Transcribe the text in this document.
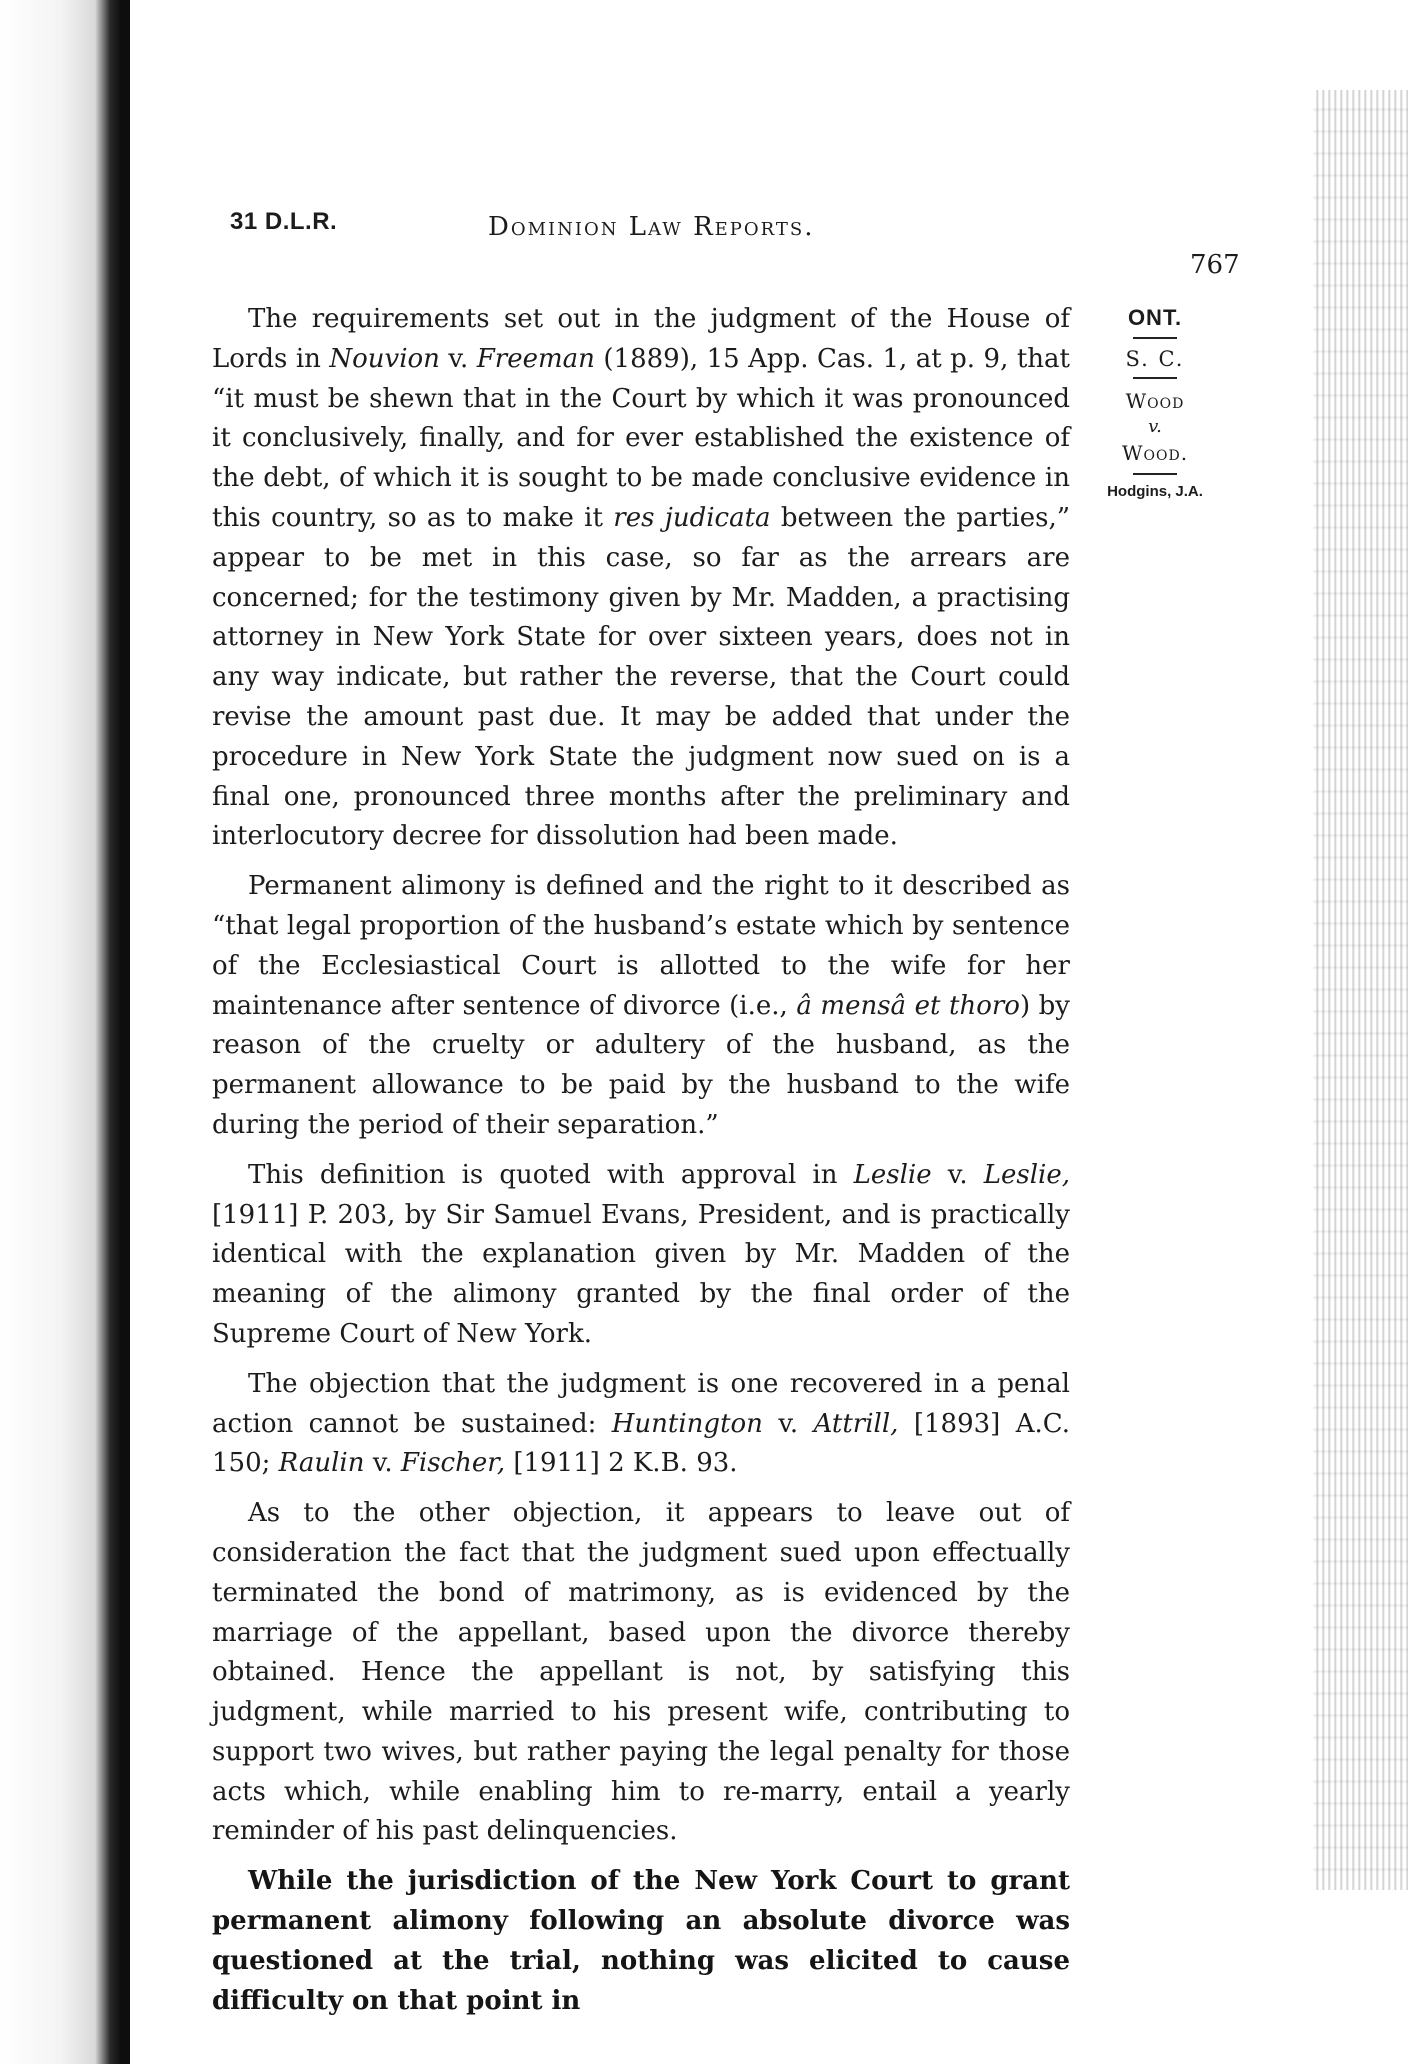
31 D.L.R.	Dominion Law Reports.
767

The requirements set out in the judgment of the House of Lords in Nouvion v. Freeman (1889), 15 App. Cas. 1, at p. 9, that “it must be shewn that in the Court by which it was pronounced it conclusively, finally, and for ever established the existence of the debt, of which it is sought to be made conclusive evidence in this country, so as to make it res judicata between the parties,” appear to be met in this case, so far as the arrears are concerned; for the testimony given by Mr. Madden, a practising attorney in New York State for over sixteen years, does not in any way indicate, but rather the reverse, that the Court could revise the amount past due. It may be added that under the procedure in New York State the judgment now sued on is a final one, pronounced three months after the preliminary and interlocutory decree for dissolution had been made.

Permanent alimony is defined and the right to it described as “that legal proportion of the husband’s estate which by sentence of the Ecclesiastical Court is allotted to the wife for her maintenance after sentence of divorce (i.e., â mensâ et thoro) by reason of the cruelty or adultery of the husband, as the permanent allowance to be paid by the husband to the wife during the period of their separation.”

This definition is quoted with approval in Leslie v. Leslie, [1911] P. 203, by Sir Samuel Evans, President, and is practically identical with the explanation given by Mr. Madden of the meaning of the alimony granted by the final order of the Supreme Court of New York.

The objection that the judgment is one recovered in a penal action cannot be sustained: Huntington v. Attrill, [1893] A.C. 150; Raulin v. Fischer, [1911] 2 K.B. 93.

As to the other objection, it appears to leave out of consideration the fact that the judgment sued upon effectually terminated the bond of matrimony, as is evidenced by the marriage of the appellant, based upon the divorce thereby obtained. Hence the appellant is not, by satisfying this judgment, while married to his present wife, contributing to support two wives, but rather paying the legal penalty for those acts which, while enabling him to re-marry, entail a yearly reminder of his past delinquencies.

While the jurisdiction of the New York Court to grant permanent alimony following an absolute divorce was questioned at the trial, nothing was elicited to cause difficulty on that point in

ONT.
S. C.
Wood
v.
Wood.
Hodgins, J.A.
